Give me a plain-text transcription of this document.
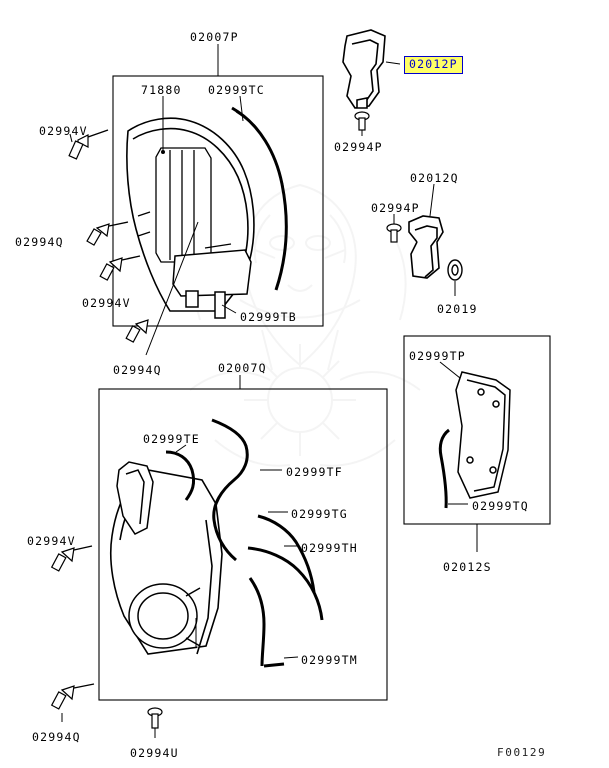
02007P
02012P
71880 02999TC
02994V
02994P
02012Q
02994P
02994Q
02994V
02999TB
02019
02994Q	02007Q
02999TP
02999TE
02999TF
02999TQ
02999TG
02994V	02999TH
02012S
02999TM
02994Q
02994U	F00129
